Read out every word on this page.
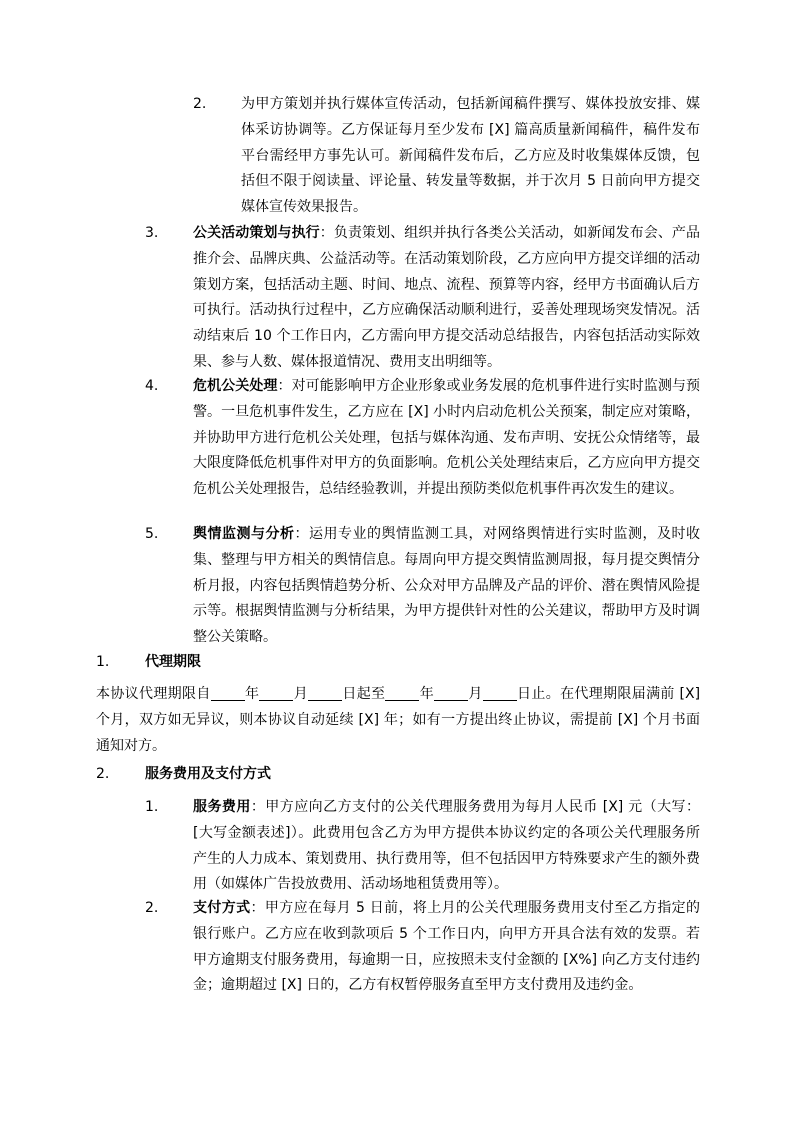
2. 为甲方策划并执行媒体宣传活动，包括新闻稿件撰写、媒体投放安排、媒体采访协调等。乙方保证每月至少发布 [X] 篇高质量新闻稿件，稿件发布平台需经甲方事先认可。新闻稿件发布后，乙方应及时收集媒体反馈，包括但不限于阅读量、评论量、转发量等数据，并于次月 5 日前向甲方提交媒体宣传效果报告。
3. 公关活动策划与执行：负责策划、组织并执行各类公关活动，如新闻发布会、产品推介会、品牌庆典、公益活动等。在活动策划阶段，乙方应向甲方提交详细的活动策划方案，包括活动主题、时间、地点、流程、预算等内容，经甲方书面确认后方可执行。活动执行过程中，乙方应确保活动顺利进行，妥善处理现场突发情况。活动结束后 10 个工作日内，乙方需向甲方提交活动总结报告，内容包括活动实际效果、参与人数、媒体报道情况、费用支出明细等。
4. 危机公关处理：对可能影响甲方企业形象或业务发展的危机事件进行实时监测与预警。一旦危机事件发生，乙方应在 [X] 小时内启动危机公关预案，制定应对策略，并协助甲方进行危机公关处理，包括与媒体沟通、发布声明、安抚公众情绪等，最大限度降低危机事件对甲方的负面影响。危机公关处理结束后，乙方应向甲方提交危机公关处理报告，总结经验教训，并提出预防类似危机事件再次发生的建议。
5. 舆情监测与分析：运用专业的舆情监测工具，对网络舆情进行实时监测，及时收集、整理与甲方相关的舆情信息。每周向甲方提交舆情监测周报，每月提交舆情分析月报，内容包括舆情趋势分析、公众对甲方品牌及产品的评价、潜在舆情风险提示等。根据舆情监测与分析结果，为甲方提供针对性的公关建议，帮助甲方及时调整公关策略。
1.	代理期限
本协议代理期限自 年 月 日起至 年 月 日止。在代理期限届满前 [X] 个月，双方如无异议，则本协议自动延续 [X] 年；如有一方提出终止协议，需提前 [X] 个月书面通知对方。
2.	服务费用及支付方式
1. 服务费用：甲方应向乙方支付的公关代理服务费用为每月人民币 [X] 元（大写：[大写金额表述]）。此费用包含乙方为甲方提供本协议约定的各项公关代理服务所产生的人力成本、策划费用、执行费用等，但不包括因甲方特殊要求产生的额外费用（如媒体广告投放费用、活动场地租赁费用等）。
2. 支付方式：甲方应在每月 5 日前，将上月的公关代理服务费用支付至乙方指定的银行账户。乙方应在收到款项后 5 个工作日内，向甲方开具合法有效的发票。若甲方逾期支付服务费用，每逾期一日，应按照未支付金额的 [X%] 向乙方支付违约金；逾期超过 [X] 日的，乙方有权暂停服务直至甲方支付费用及违约金。
